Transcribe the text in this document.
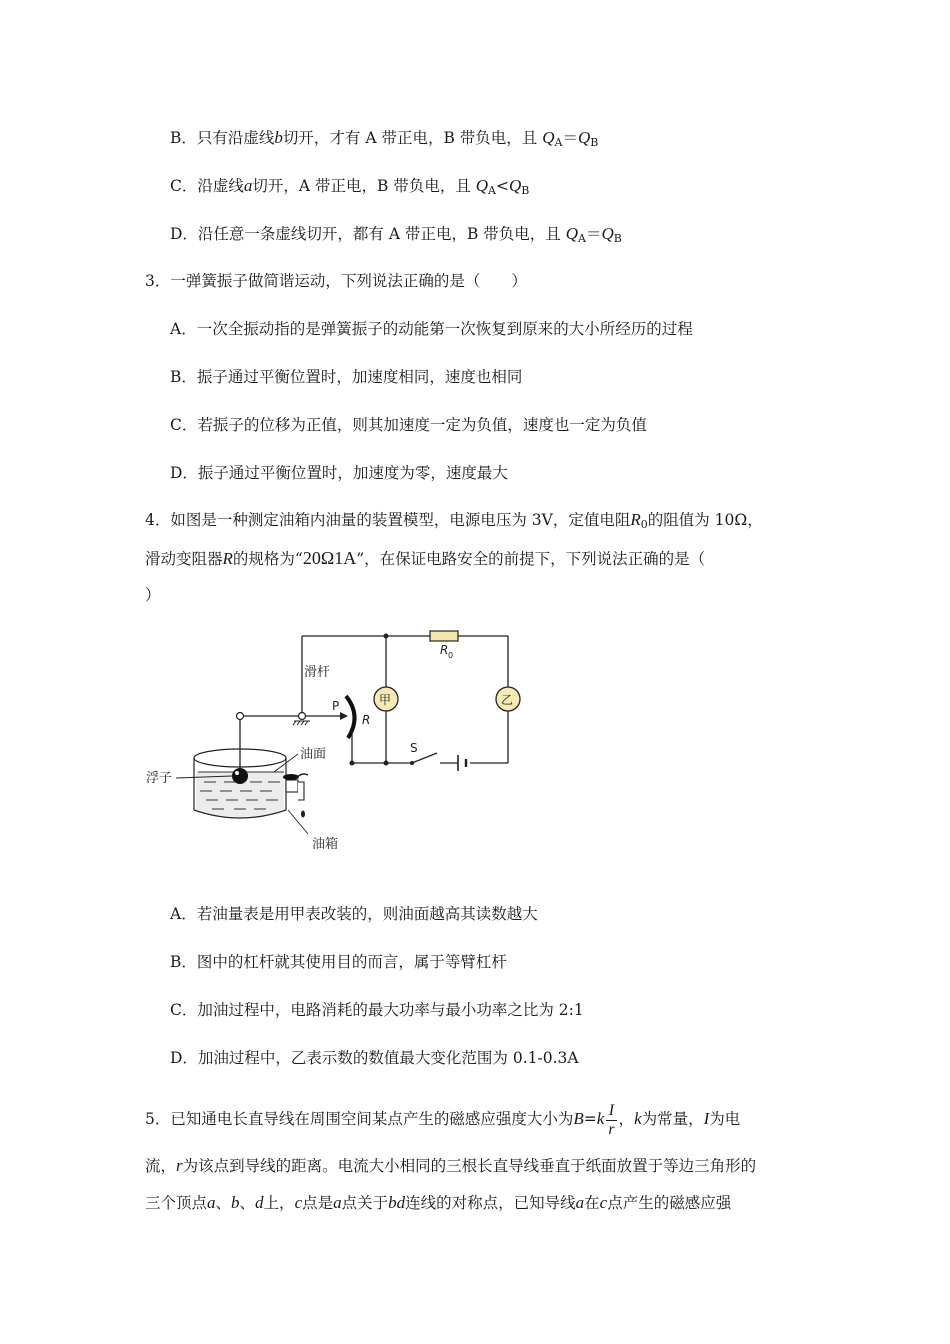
B．只有沿虚线b切开，才有 A 带正电，B 带负电，且 $Q_A=Q_B$
C．沿虚线a切开，A 带正电，B 带负电，且 $Q_A<Q_B$
D．沿任意一条虚线切开，都有 A 带正电，B 带负电，且 $Q_A=Q_B$
3．一弹簧振子做简谐运动，下列说法正确的是（　　）
A．一次全振动指的是弹簧振子的动能第一次恢复到原来的大小所经历的过程
B．振子通过平衡位置时，加速度相同，速度也相同
C．若振子的位移为正值，则其加速度一定为负值，速度也一定为负值
D．振子通过平衡位置时，加速度为零，速度最大
4．如图是一种测定油箱内油量的装置模型，电源电压为 3V，定值电阻$R_0$的阻值为 10Ω，
滑动变阻器R的规格为“20Ω1A”，在保证电路安全的前提下，下列说法正确的是（
）
R 0
甲	乙
P
R
S
滑杆
浮子
油面
油箱
A．若油量表是用甲表改装的，则油面越高其读数越大
B．图中的杠杆就其使用目的而言，属于等臂杠杆
C．加油过程中，电路消耗的最大功率与最小功率之比为 2:1
D．加油过程中，乙表示数的数值最大变化范围为 0.1-0.3A
5．已知通电长直导线在周围空间某点产生的磁感应强度大小为$B=k \frac{I}{r}$ ，k为常量，I为电
流，r为该点到导线的距离。电流大小相同的三根长直导线垂直于纸面放置于等边三角形的
三个顶点a、b、d上，c点是a点关于bd连线的对称点，已知导线a在c点产生的磁感应强
